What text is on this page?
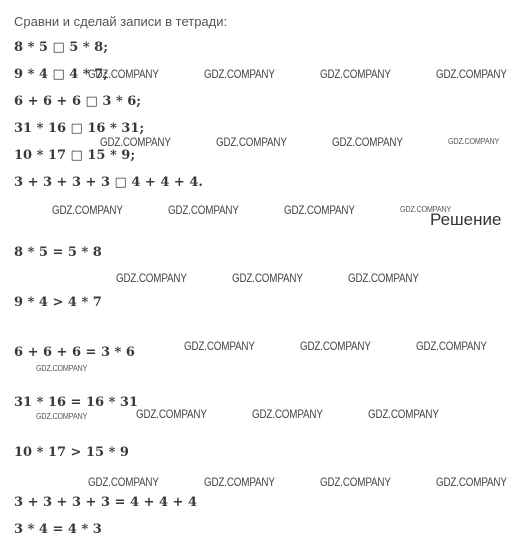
Сравни и сделай записи в тетради:
8 * 5 □ 5 * 8;
9 * 4 □ 4 * 7;
6 + 6 + 6 □ 3 * 6;
31 * 16 □ 16 * 31;
10 * 17 □ 15 * 9;
3 + 3 + 3 + 3 □ 4 + 4 + 4.
Решение
8 * 5 = 5 * 8
9 * 4 > 4 * 7
6 + 6 + 6 = 3 * 6
31 * 16 = 16 * 31
10 * 17 > 15 * 9
3 + 3 + 3 + 3 = 4 + 4 + 4
3 * 4 = 4 * 3
GDZ.COMPANY	GDZ.COMPANY	GDZ.COMPANY	GDZ.COMPANY
GDZ.COMPANY	GDZ.COMPANY	GDZ.COMPANY	GDZ.COMPANY
GDZ.COMPANY	GDZ.COMPANY	GDZ.COMPANY	GDZ.COMPANY
GDZ.COMPANY	GDZ.COMPANY	GDZ.COMPANY
GDZ.COMPANY	GDZ.COMPANY	GDZ.COMPANY
GDZ.COMPANY
GDZ.COMPANY	GDZ.COMPANY	GDZ.COMPANY	GDZ.COMPANY
GDZ.COMPANY	GDZ.COMPANY	GDZ.COMPANY	GDZ.COMPANY
